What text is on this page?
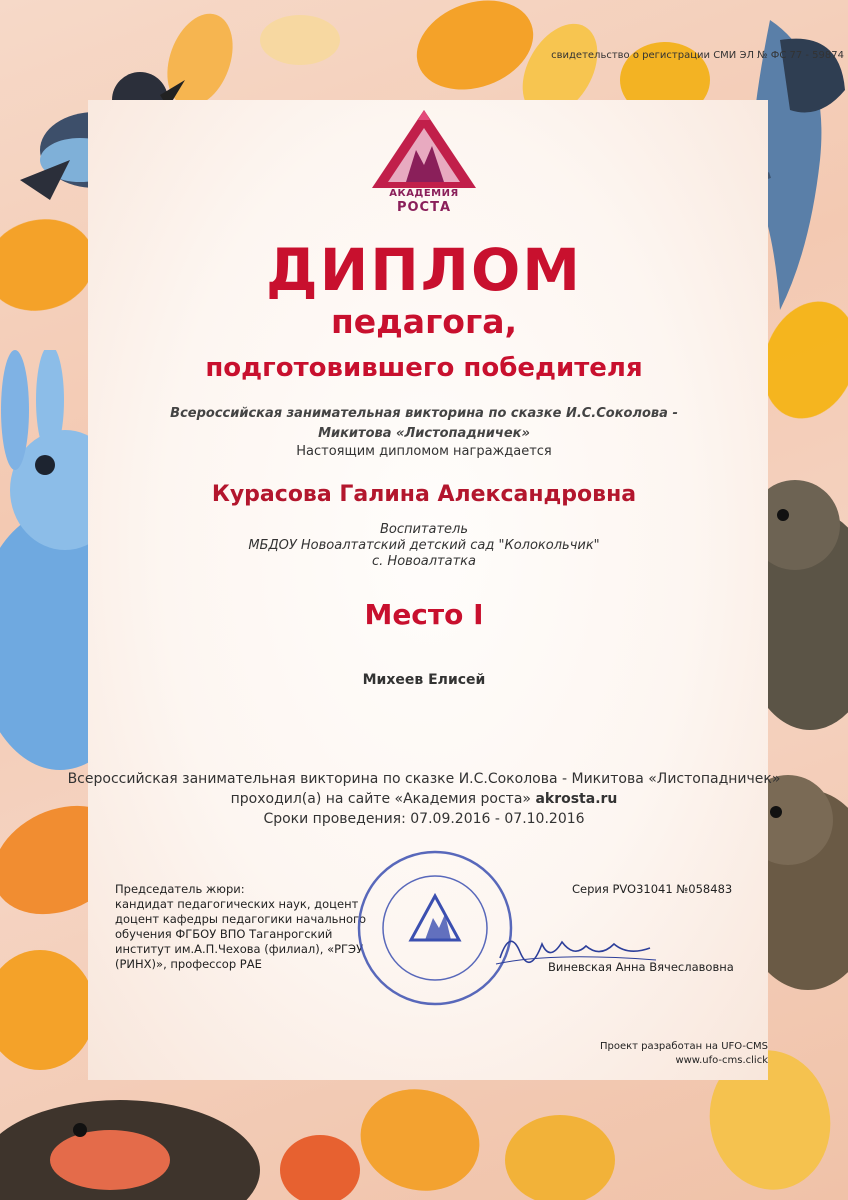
свидетельство о регистрации СМИ ЭЛ № ФС 77 - 59874
АКАДЕМИЯ
РОСТА
ДИПЛОМ
педагога,
подготовившего победителя
Всероссийская занимательная викторина по сказке И.С.Соколова -
Микитова «Листопадничек»
Настоящим дипломом награждается
Курасова Галина Александровна
Воспитатель
МБДОУ Новоалтатский детский сад "Колокольчик"
с. Новоалтатка
Место I
Михеев Елисей
Всероссийская занимательная викторина по сказке И.С.Соколова - Микитова «Листопадничек»
проходил(а) на сайте «Академия роста» akrosta.ru
Сроки проведения: 07.09.2016 - 07.10.2016
Председатель жюри:
кандидат педагогических наук, доцент
доцент кафедры педагогики начального
обучения ФГБОУ ВПО Таганрогский
институт им.А.П.Чехова (филиал), «РГЭУ
(РИНХ)», профессор РАЕ
Серия PVO31041 №058483
Виневская Анна Вячеславовна
Проект разработан на UFO-CMS
www.ufo-cms.click
